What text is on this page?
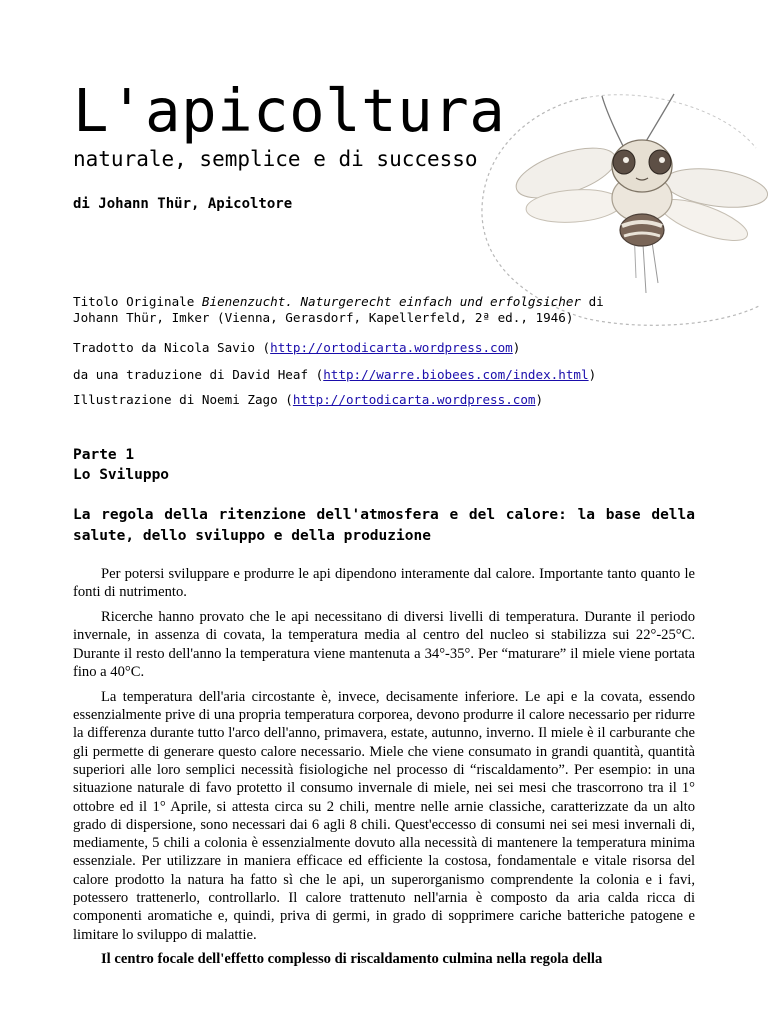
L'apicoltura
naturale, semplice e di successo
di Johann Thür, Apicoltore
Titolo Originale Bienenzucht. Naturgerecht einfach und erfolgsicher di
Johann Thür, Imker (Vienna, Gerasdorf, Kapellerfeld, 2ª ed., 1946)
Tradotto da Nicola Savio (http://ortodicarta.wordpress.com)
da una traduzione di David Heaf (http://warre.biobees.com/index.html)
Illustrazione di Noemi Zago (http://ortodicarta.wordpress.com)
Parte 1
Lo Sviluppo
La regola della ritenzione dell'atmosfera e del calore: la base della salute, dello sviluppo e della produzione

Per potersi sviluppare e produrre le api dipendono interamente dal calore. Importante tanto quanto le fonti di nutrimento.

Ricerche hanno provato che le api necessitano di diversi livelli di temperatura. Durante il periodo invernale, in assenza di covata, la temperatura media al centro del nucleo si stabilizza sui 22°-25°C. Durante il resto dell'anno la temperatura viene mantenuta a 34°-35°. Per “maturare” il miele viene portata fino a 40°C.

La temperatura dell'aria circostante è, invece, decisamente inferiore. Le api e la covata, essendo essenzialmente prive di una propria temperatura corporea, devono produrre il calore necessario per ridurre la differenza durante tutto l'arco dell'anno, primavera, estate, autunno, inverno. Il miele è il carburante che gli permette di generare questo calore necessario. Miele che viene consumato in grandi quantità, quantità superiori alle loro semplici necessità fisiologiche nel processo di “riscaldamento”. Per esempio: in una situazione naturale di favo protetto il consumo invernale di miele, nei sei mesi che trascorrono tra il 1° ottobre ed il 1° Aprile, si attesta circa su 2 chili, mentre nelle arnie classiche, caratterizzate da un alto grado di dispersione, sono necessari dai 6 agli 8 chili. Quest'eccesso di consumi nei sei mesi invernali di, mediamente, 5 chili a colonia è essenzialmente dovuto alla necessità di mantenere la temperatura minima essenziale. Per utilizzare in maniera efficace ed efficiente la costosa, fondamentale e vitale risorsa del calore prodotto la natura ha fatto sì che le api, un superorganismo comprendente la colonia e i favi, potessero trattenerlo, controllarlo. Il calore trattenuto nell'arnia è composto da aria calda ricca di componenti aromatiche e, quindi, priva di germi, in grado di sopprimere cariche batteriche patogene e limitare lo sviluppo di malattie.

Il centro focale dell'effetto complesso di riscaldamento culmina nella regola della
